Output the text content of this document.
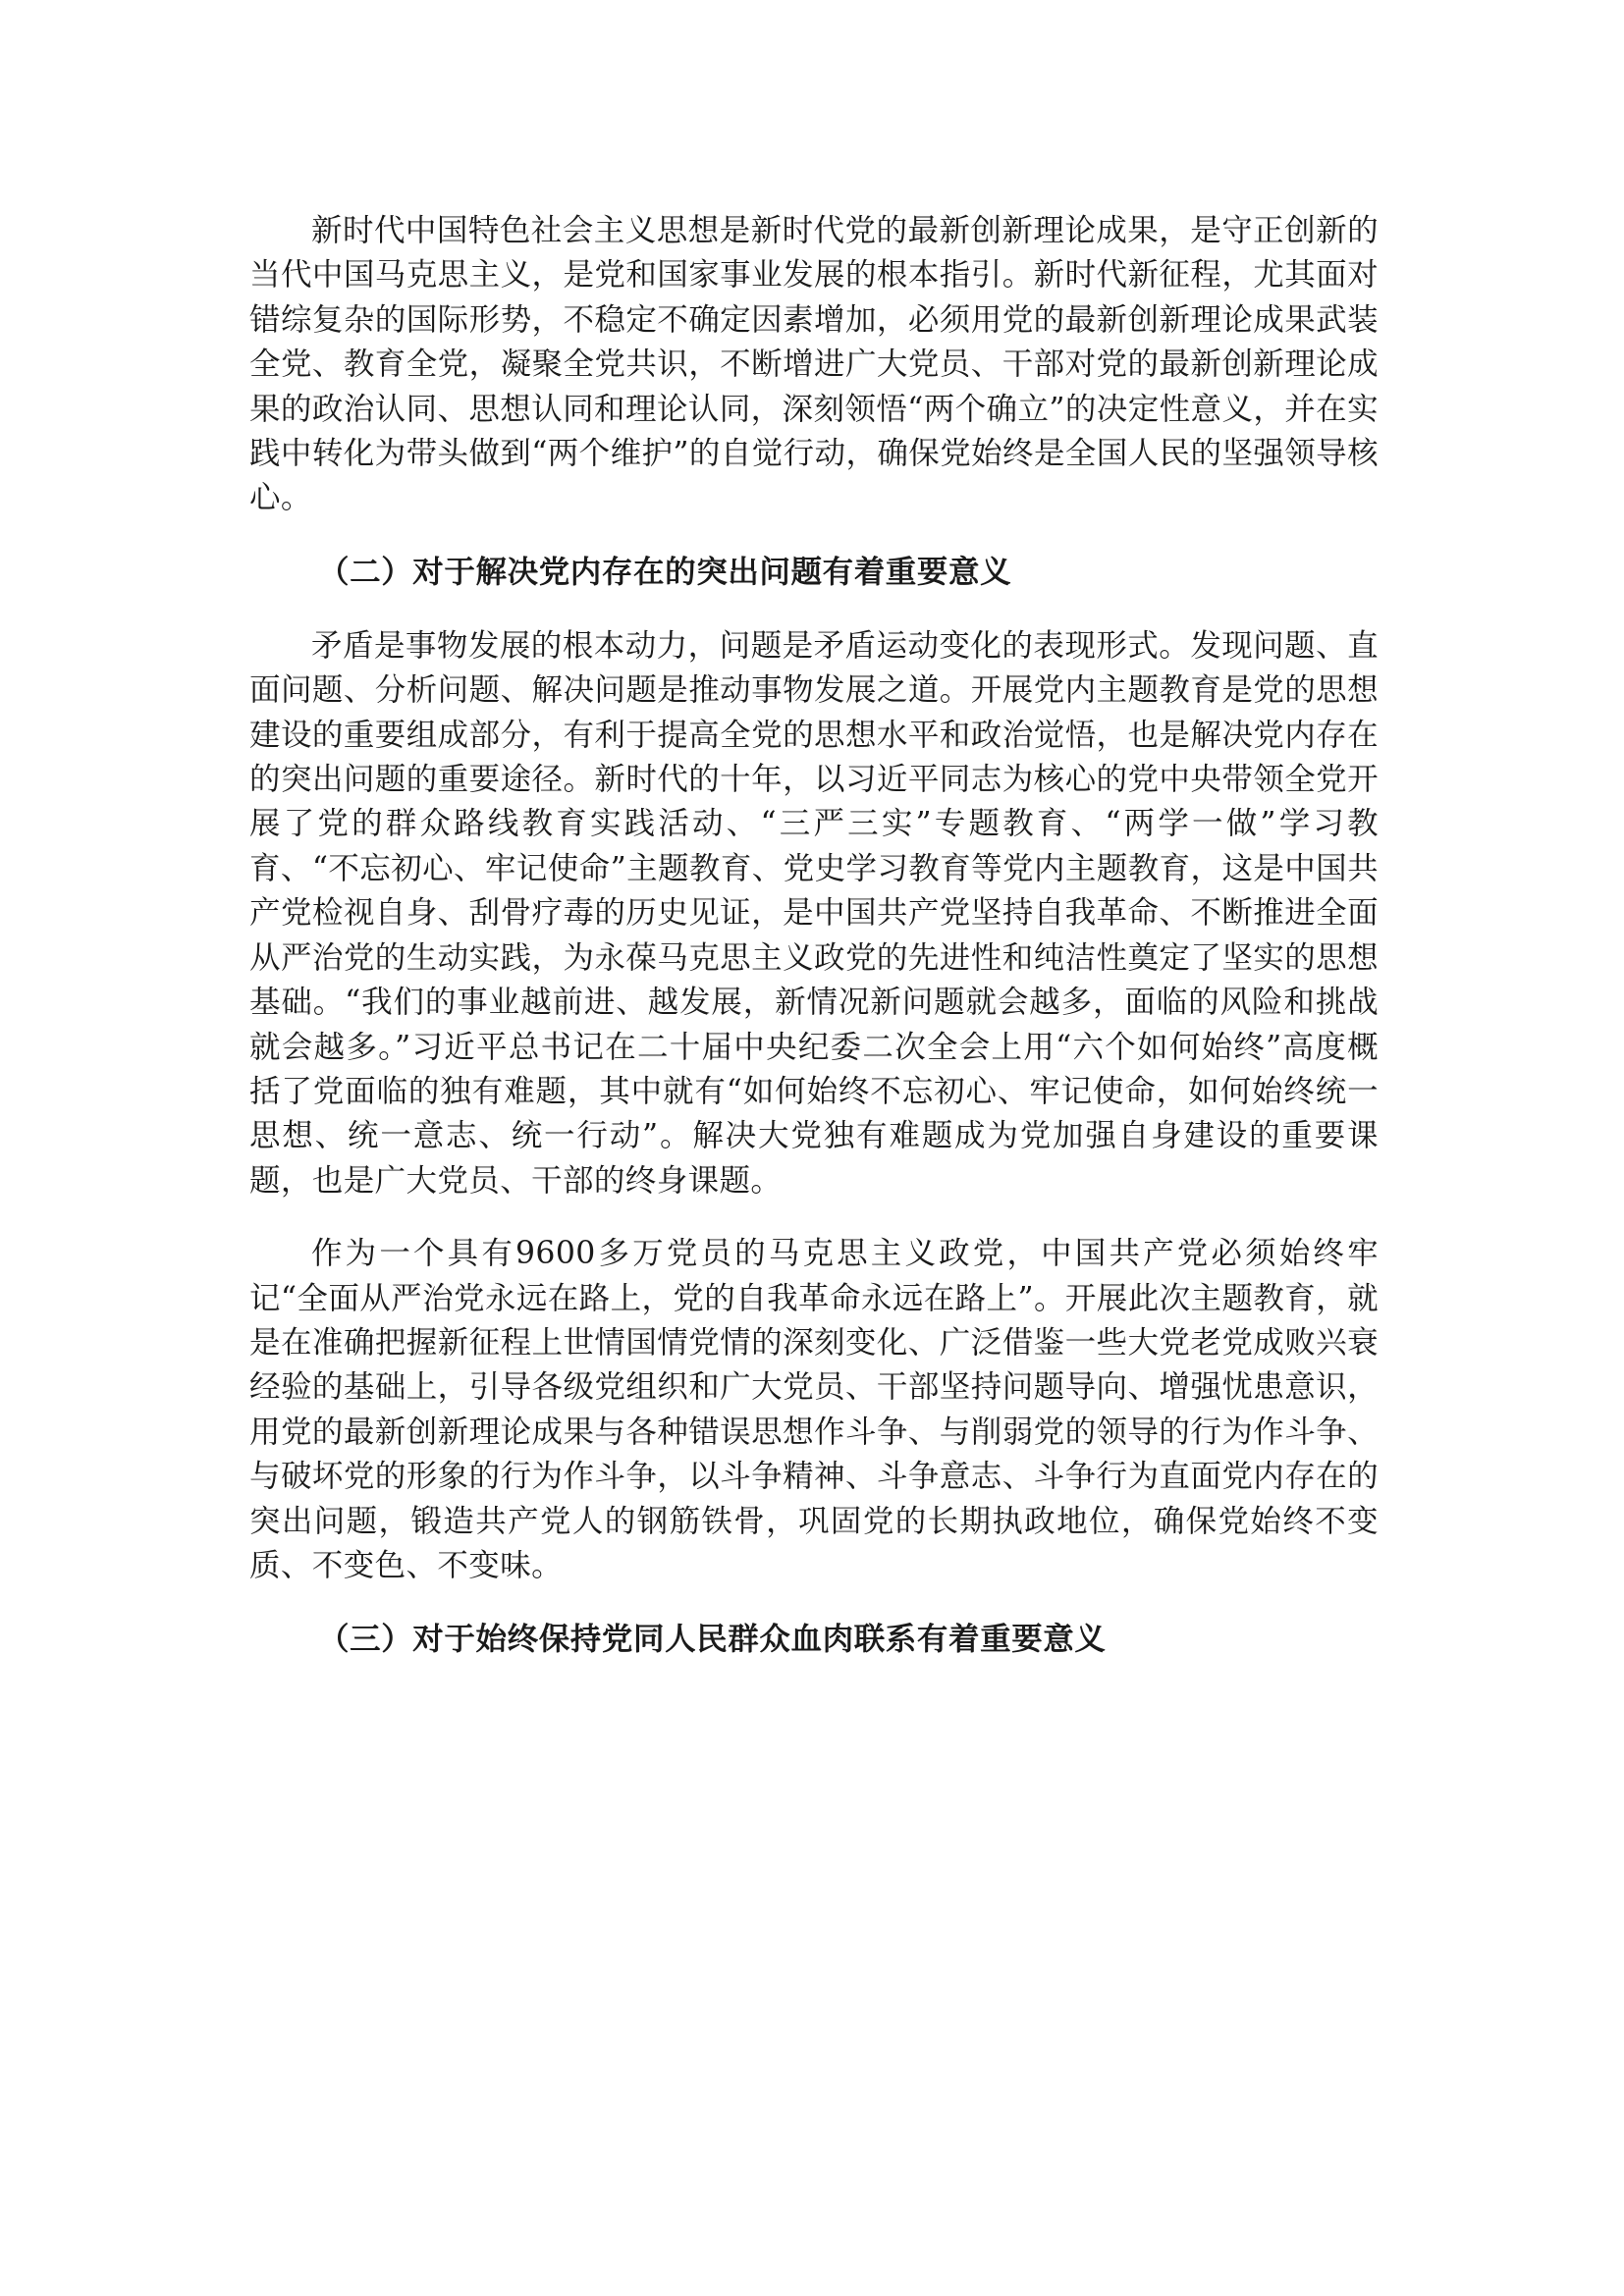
新时代中国特色社会主义思想是新时代党的最新创新理论成果，是守正创新的当代中国马克思主义，是党和国家事业发展的根本指引。新时代新征程，尤其面对错综复杂的国际形势，不稳定不确定因素增加，必须用党的最新创新理论成果武装全党、教育全党，凝聚全党共识，不断增进广大党员、干部对党的最新创新理论成果的政治认同、思想认同和理论认同，深刻领悟“两个确立”的决定性意义，并在实践中转化为带头做到“两个维护”的自觉行动，确保党始终是全国人民的坚强领导核心。

（二）对于解决党内存在的突出问题有着重要意义

矛盾是事物发展的根本动力，问题是矛盾运动变化的表现形式。发现问题、直面问题、分析问题、解决问题是推动事物发展之道。开展党内主题教育是党的思想建设的重要组成部分，有利于提高全党的思想水平和政治觉悟，也是解决党内存在的突出问题的重要途径。新时代的十年，以习近平同志为核心的党中央带领全党开展了党的群众路线教育实践活动、“三严三实”专题教育、“两学一做”学习教育、“不忘初心、牢记使命”主题教育、党史学习教育等党内主题教育，这是中国共产党检视自身、刮骨疗毒的历史见证，是中国共产党坚持自我革命、不断推进全面从严治党的生动实践，为永葆马克思主义政党的先进性和纯洁性奠定了坚实的思想基础。“我们的事业越前进、越发展，新情况新问题就会越多，面临的风险和挑战就会越多。”习近平总书记在二十届中央纪委二次全会上用“六个如何始终”高度概括了党面临的独有难题，其中就有“如何始终不忘初心、牢记使命，如何始终统一思想、统一意志、统一行动”。解决大党独有难题成为党加强自身建设的重要课题，也是广大党员、干部的终身课题。

作为一个具有9600多万党员的马克思主义政党，中国共产党必须始终牢记“全面从严治党永远在路上，党的自我革命永远在路上”。开展此次主题教育，就是在准确把握新征程上世情国情党情的深刻变化、广泛借鉴一些大党老党成败兴衰经验的基础上，引导各级党组织和广大党员、干部坚持问题导向、增强忧患意识，用党的最新创新理论成果与各种错误思想作斗争、与削弱党的领导的行为作斗争、与破坏党的形象的行为作斗争，以斗争精神、斗争意志、斗争行为直面党内存在的突出问题，锻造共产党人的钢筋铁骨，巩固党的长期执政地位，确保党始终不变质、不变色、不变味。

（三）对于始终保持党同人民群众血肉联系有着重要意义
